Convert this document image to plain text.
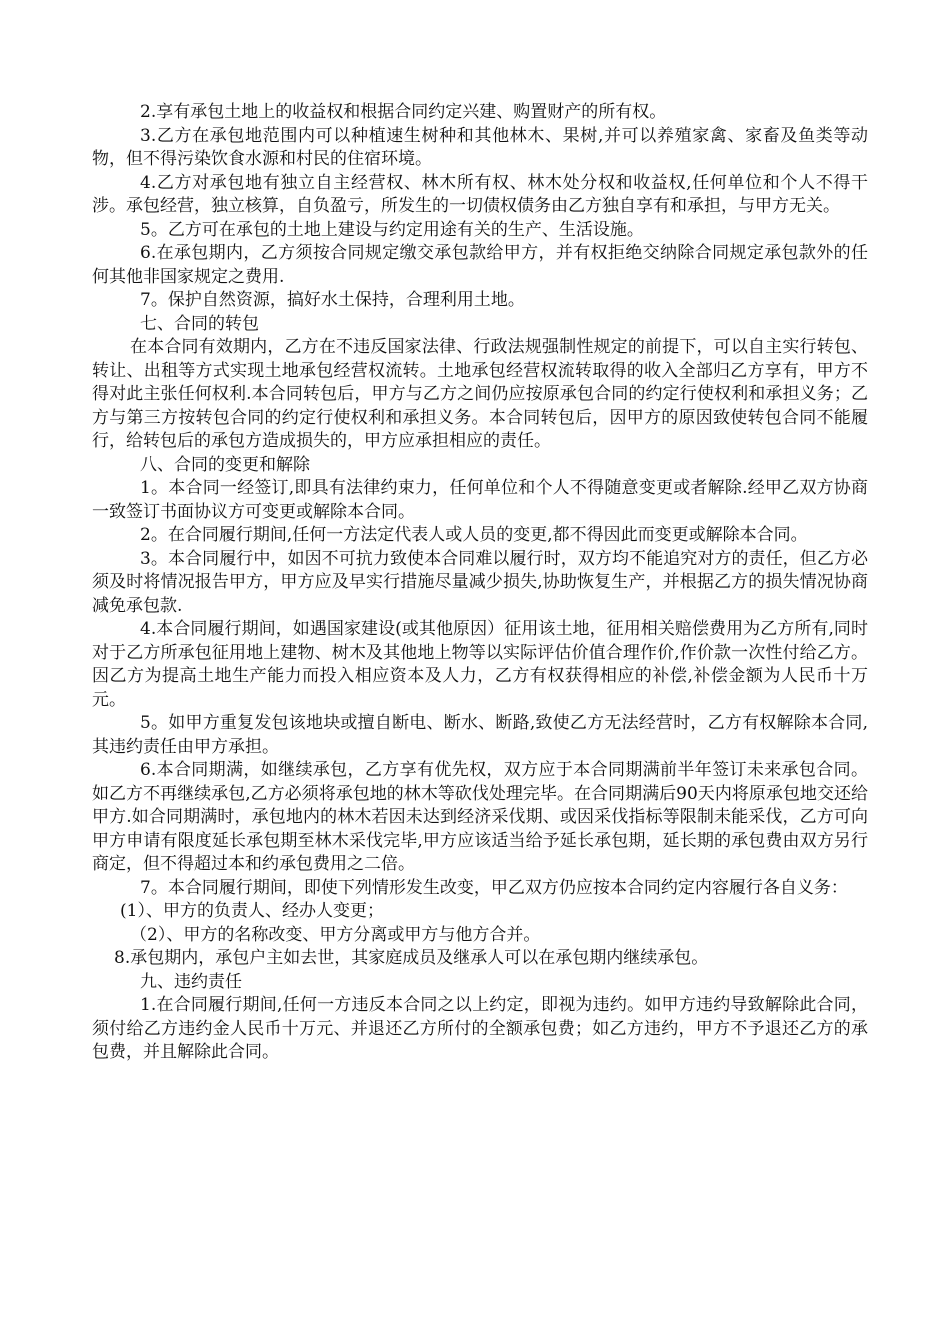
2.享有承包土地上的收益权和根据合同约定兴建、购置财产的所有权。

3.乙方在承包地范围内可以种植速生树种和其他林木、果树,并可以养殖家禽、家畜及鱼类等动物，但不得污染饮食水源和村民的住宿环境。

4.乙方对承包地有独立自主经营权、林木所有权、林木处分权和收益权,任何单位和个人不得干涉。承包经营，独立核算，自负盈亏，所发生的一切债权债务由乙方独自享有和承担，与甲方无关。

5。乙方可在承包的土地上建设与约定用途有关的生产、生活设施。

6.在承包期内，乙方须按合同规定缴交承包款给甲方，并有权拒绝交纳除合同规定承包款外的任何其他非国家规定之费用.

7。保护自然资源，搞好水土保持，合理利用土地。

七、合同的转包

在本合同有效期内，乙方在不违反国家法律、行政法规强制性规定的前提下，可以自主实行转包、转让、出租等方式实现土地承包经营权流转。土地承包经营权流转取得的收入全部归乙方享有，甲方不得对此主张任何权利.本合同转包后，甲方与乙方之间仍应按原承包合同的约定行使权利和承担义务；乙方与第三方按转包合同的约定行使权利和承担义务。本合同转包后，因甲方的原因致使转包合同不能履行，给转包后的承包方造成损失的，甲方应承担相应的责任。

八、合同的变更和解除

1。本合同一经签订,即具有法律约束力，任何单位和个人不得随意变更或者解除.经甲乙双方协商一致签订书面协议方可变更或解除本合同。

2。在合同履行期间,任何一方法定代表人或人员的变更,都不得因此而变更或解除本合同。

3。本合同履行中，如因不可抗力致使本合同难以履行时，双方均不能追究对方的责任，但乙方必须及时将情况报告甲方，甲方应及早实行措施尽量减少损失,协助恢复生产，并根据乙方的损失情况协商减免承包款.

4.本合同履行期间，如遇国家建设(或其他原因）征用该土地，征用相关赔偿费用为乙方所有,同时对于乙方所承包征用地上建物、树木及其他地上物等以实际评估价值合理作价,作价款一次性付给乙方。因乙方为提高土地生产能力而投入相应资本及人力，乙方有权获得相应的补偿,补偿金额为人民币十万元。

5。如甲方重复发包该地块或擅自断电、断水、断路,致使乙方无法经营时，乙方有权解除本合同,其违约责任由甲方承担。

6.本合同期满，如继续承包，乙方享有优先权，双方应于本合同期满前半年签订未来承包合同。如乙方不再继续承包,乙方必须将承包地的林木等砍伐处理完毕。在合同期满后90天内将原承包地交还给甲方.如合同期满时，承包地内的林木若因未达到经济采伐期、或因采伐指标等限制未能采伐，乙方可向甲方申请有限度延长承包期至林木采伐完毕,甲方应该适当给予延长承包期，延长期的承包费由双方另行商定，但不得超过本和约承包费用之二倍。

7。本合同履行期间，即使下列情形发生改变，甲乙双方仍应按本合同约定内容履行各自义务：

(1）、甲方的负责人、经办人变更；

（2）、甲方的名称改变、甲方分离或甲方与他方合并。

8.承包期内，承包户主如去世，其家庭成员及继承人可以在承包期内继续承包。

九、违约责任

1.在合同履行期间,任何一方违反本合同之以上约定，即视为违约。如甲方违约导致解除此合同，须付给乙方违约金人民币十万元、并退还乙方所付的全额承包费；如乙方违约，甲方不予退还乙方的承包费，并且解除此合同。
